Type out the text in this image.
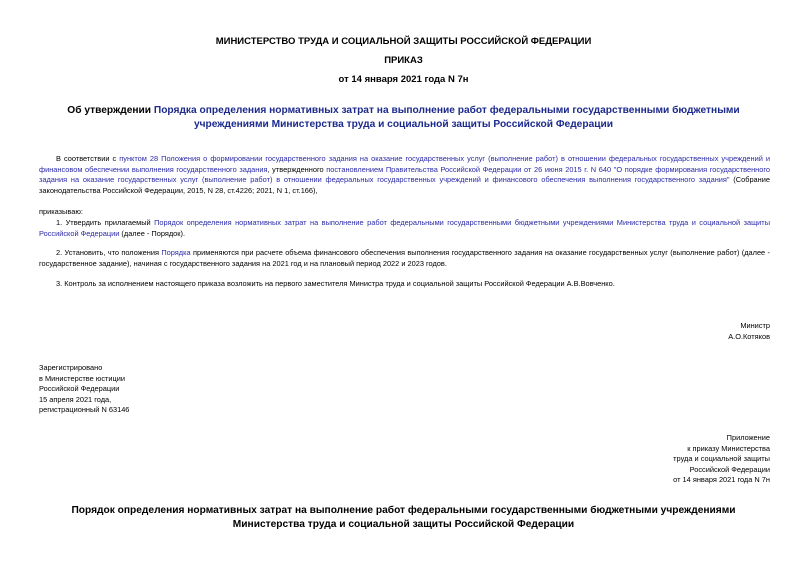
МИНИСТЕРСТВО ТРУДА И СОЦИАЛЬНОЙ ЗАЩИТЫ РОССИЙСКОЙ ФЕДЕРАЦИИ
ПРИКАЗ
от 14 января 2021 года N 7н
Об утверждении Порядка определения нормативных затрат на выполнение работ федеральными государственными бюджетными учреждениями Министерства труда и социальной защиты Российской Федерации
В соответствии с пунктом 28 Положения о формировании государственного задания на оказание государственных услуг (выполнение работ) в отношении федеральных государственных учреждений и финансовом обеспечении выполнения государственного задания, утвержденного постановлением Правительства Российской Федерации от 26 июня 2015 г. N 640 "О порядке формирования государственного задания на оказание государственных услуг (выполнение работ) в отношении федеральных государственных учреждений и финансового обеспечения выполнения государственного задания" (Собрание законодательства Российской Федерации, 2015, N 28, ст.4226; 2021, N 1, ст.166),
приказываю:
1. Утвердить прилагаемый Порядок определения нормативных затрат на выполнение работ федеральными государственными бюджетными учреждениями Министерства труда и социальной защиты Российской Федерации (далее - Порядок).
2. Установить, что положения Порядка применяются при расчете объема финансового обеспечения выполнения государственного задания на оказание государственных услуг (выполнение работ) (далее - государственное задание), начиная с государственного задания на 2021 год и на плановый период 2022 и 2023 годов.
3. Контроль за исполнением настоящего приказа возложить на первого заместителя Министра труда и социальной защиты Российской Федерации А.В.Вовченко.
Министр
А.О.Котяков
Зарегистрировано
в Министерстве юстиции
Российской Федерации
15 апреля 2021 года,
регистрационный N 63146
Приложение
к приказу Министерства
труда и социальной защиты
Российской Федерации
от 14 января 2021 года N 7н
Порядок определения нормативных затрат на выполнение работ федеральными государственными бюджетными учреждениями Министерства труда и социальной защиты Российской Федерации
